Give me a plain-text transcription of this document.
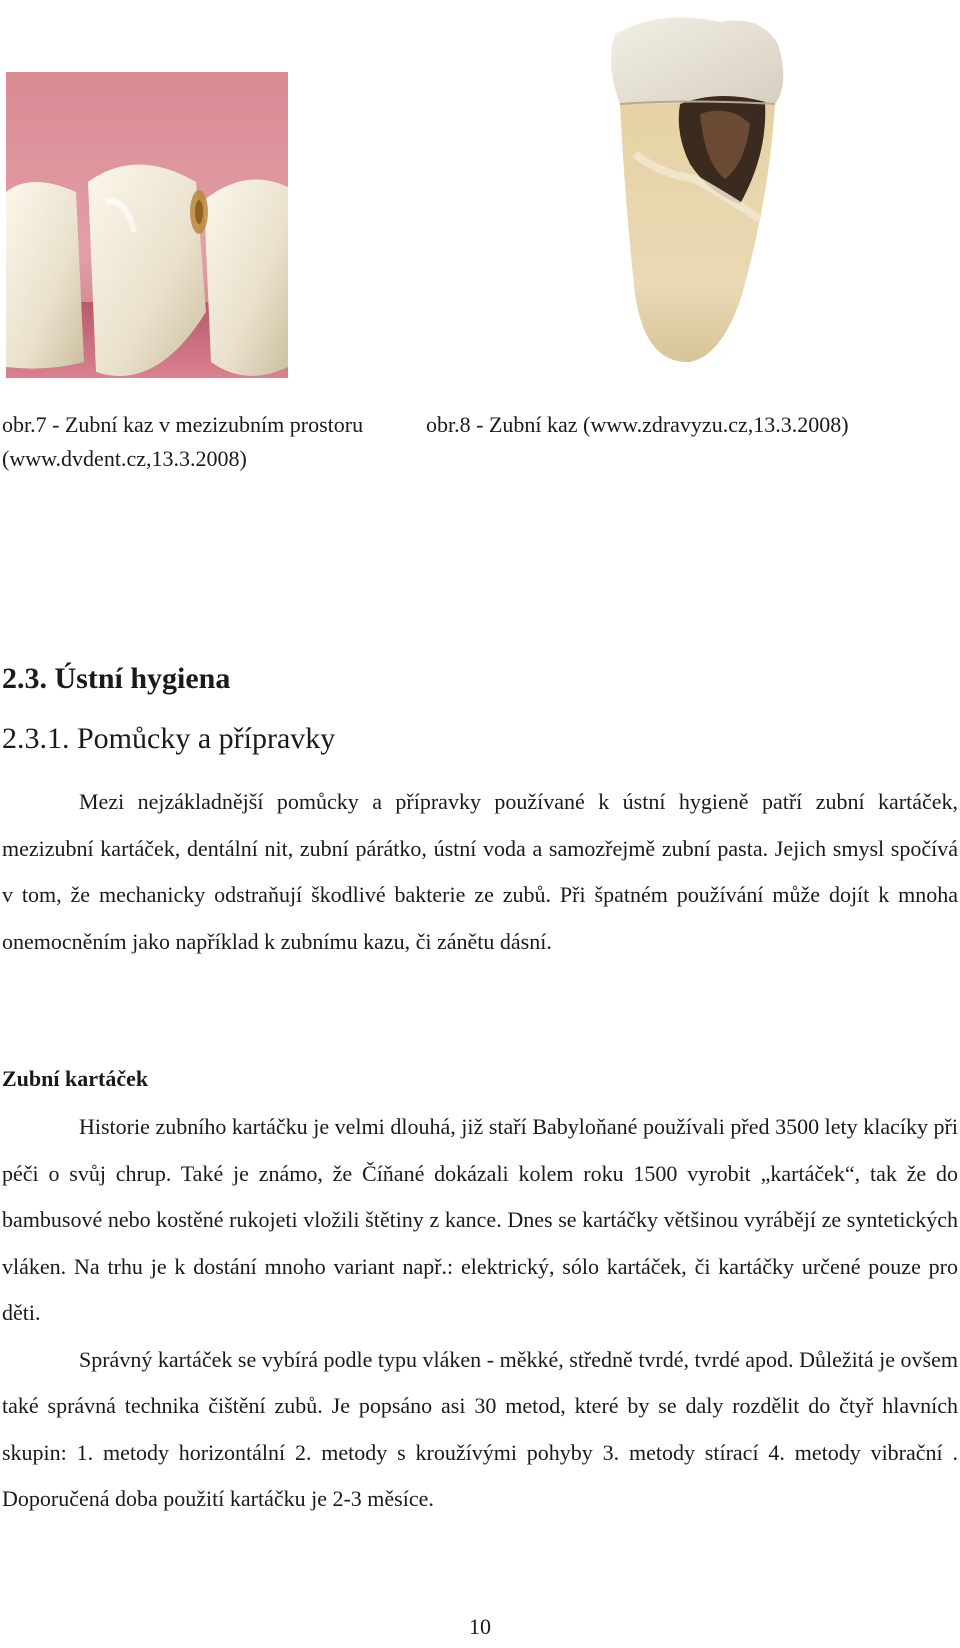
obr.7 - Zubní kaz v mezizubním prostoru (www.dvdent.cz,13.3.2008)
obr.8 - Zubní kaz (www.zdravyzu.cz,13.3.2008)
2.3. Ústní hygiena
2.3.1. Pomůcky a přípravky

Mezi nejzákladnější pomůcky a přípravky používané k ústní hygieně patří zubní kartáček, mezizubní kartáček, dentální nit, zubní párátko, ústní voda a samozřejmě zubní pasta. Jejich smysl spočívá v tom, že mechanicky odstraňují škodlivé bakterie ze zubů. Při špatném používání může dojít k mnoha onemocněním jako například k zubnímu kazu, či zánětu dásní.

Zubní kartáček

Historie zubního kartáčku je velmi dlouhá, již staří Babyloňané používali před 3500 lety klacíky při péči o svůj chrup. Také je známo, že Číňané dokázali kolem roku 1500 vyrobit „kartáček“, tak že do bambusové nebo kostěné rukojeti vložili štětiny z kance. Dnes se kartáčky většinou vyrábějí ze syntetických vláken. Na trhu je k dostání mnoho variant např.: elektrický, sólo kartáček, či kartáčky určené pouze pro děti.

Správný kartáček se vybírá podle typu vláken - měkké, středně tvrdé, tvrdé apod. Důležitá je ovšem také správná technika čištění zubů. Je popsáno asi 30 metod, které by se daly rozdělit do čtyř hlavních skupin: 1. metody horizontální 2. metody s kroužívými pohyby 3. metody stírací 4. metody vibrační . Doporučená doba použití kartáčku je 2-3 měsíce.

10
